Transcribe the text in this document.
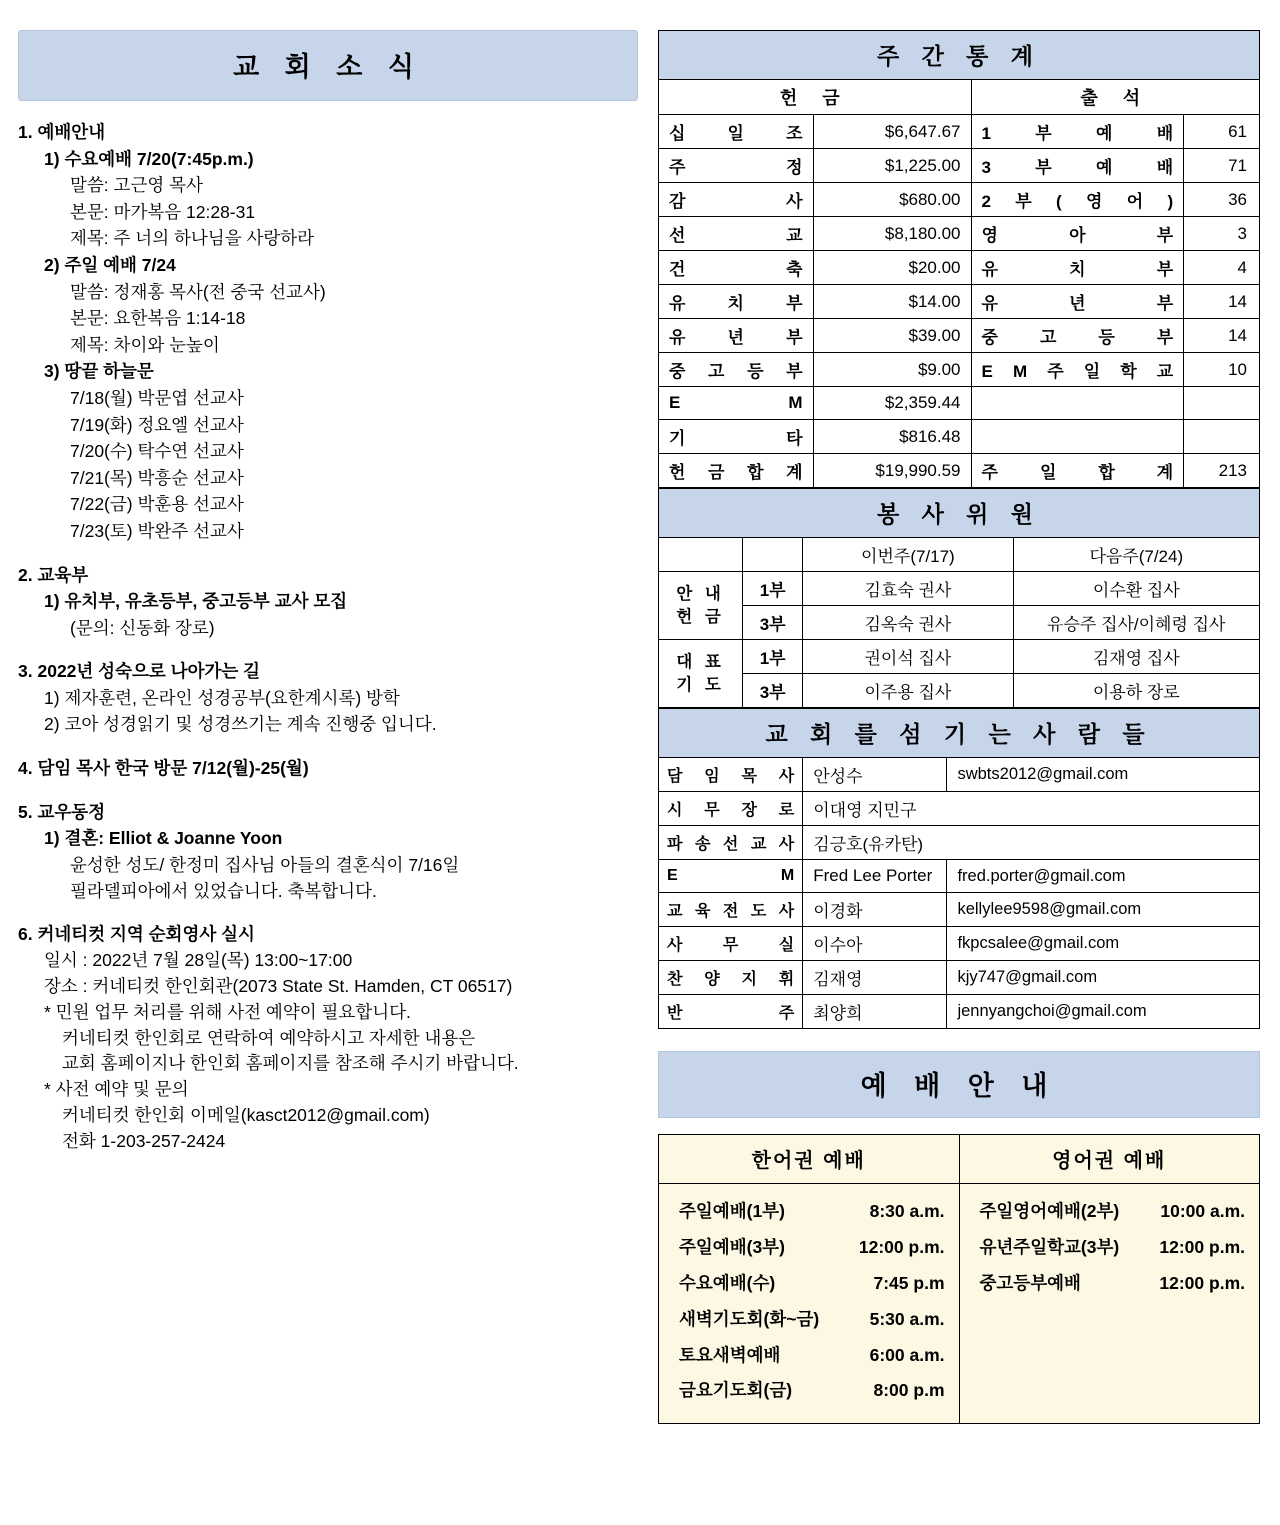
교 회 소 식
1. 예배안내
1) 수요예배 7/20(7:45p.m.)
말씀: 고근영 목사
본문: 마가복음 12:28-31
제목: 주 너의 하나님을 사랑하라
2) 주일 예배 7/24
말씀: 정재홍 목사(전 중국 선교사)
본문: 요한복음 1:14-18
제목: 차이와 눈높이
3) 땅끝 하늘문
7/18(월) 박문엽 선교사
7/19(화) 정요엘 선교사
7/20(수) 탁수연 선교사
7/21(목) 박흥순 선교사
7/22(금) 박훈용 선교사
7/23(토) 박완주 선교사
2. 교육부
1) 유치부, 유초등부, 중고등부 교사 모집
(문의: 신동화 장로)
3. 2022년 성숙으로 나아가는 길
1) 제자훈련, 온라인 성경공부(요한계시록) 방학
2) 코아 성경읽기 및 성경쓰기는 계속 진행중 입니다.
4. 담임 목사 한국 방문 7/12(월)-25(월)
5. 교우동정
1) 결혼: Elliot & Joanne Yoon
윤성한 성도/ 한정미 집사님 아들의 결혼식이 7/16일
필라델피아에서 있었습니다. 축복합니다.
6. 커네티컷 지역 순회영사 실시
일시 : 2022년 7월 28일(목) 13:00~17:00
장소 : 커네티컷 한인회관(2073 State St. Hamden, CT 06517)
* 민원 업무 처리를 위해 사전 예약이 필요합니다.
커네티컷 한인회로 연락하여 예약하시고 자세한 내용은
교회 홈페이지나 한인회 홈페이지를 참조해 주시기 바랍니다.
* 사전 예약 및 문의
커네티컷 한인회 이메일(kasct2012@gmail.com)
전화 1-203-257-2424
주 간 통 계			
헌 금		출 석	
십 일 조	$6,647.67	1 부 예 배	61
주 정	$1,225.00	3 부 예 배	71
감 사	$680.00	2 부 ( 영 어 )	36
선 교	$8,180.00	영 아 부	3
건 축	$20.00	유 치 부	4
유 치 부	$14.00	유 년 부	14
유 년 부	$39.00	중 고 등 부	14
중 고 등 부	$9.00	E M 주 일 학 교	10
E M	$2,359.44		
기 타	$816.48		
헌 금 합 계	$19,990.59	주 일 합 계	213
봉 사 위 원			
		이번주(7/17)	다음주(7/24)
안 내 헌 금	1부	김효숙 권사	이수환 집사
	3부	김옥숙 권사	유승주 집사/이혜령 집사
대 표 기 도	1부	권이석 집사	김재영 집사
	3부	이주용 집사	이용하 장로
교 회 를 섬 기 는 사 람 들		
담 임 목 사	안성수	swbts2012@gmail.com
시 무 장 로	이대영 지민구	
파 송 선 교 사	김긍호(유카탄)	
E M	Fred Lee Porter	fred.porter@gmail.com
교 육 전 도 사	이경화	kellylee9598@gmail.com
사 무 실	이수아	fkpcsalee@gmail.com
찬 양 지 휘	김재영	kjy747@gmail.com
반 주	최양희	jennyangchoi@gmail.com
예 배 안 내
한어권 예배	영어권 예배

주일예배(1부)	8:30 a.m.
주일예배(3부)	12:00 p.m.
수요예배(수)	7:45 p.m
새벽기도회(화~금)	5:30 a.m.
토요새벽예배	6:00 a.m.
금요기도회(금)	8:00 p.m

주일영어예배(2부) 10:00 a.m.
유년주일학교(3부) 12:00 p.m.
중고등부예배	12:00 p.m.
